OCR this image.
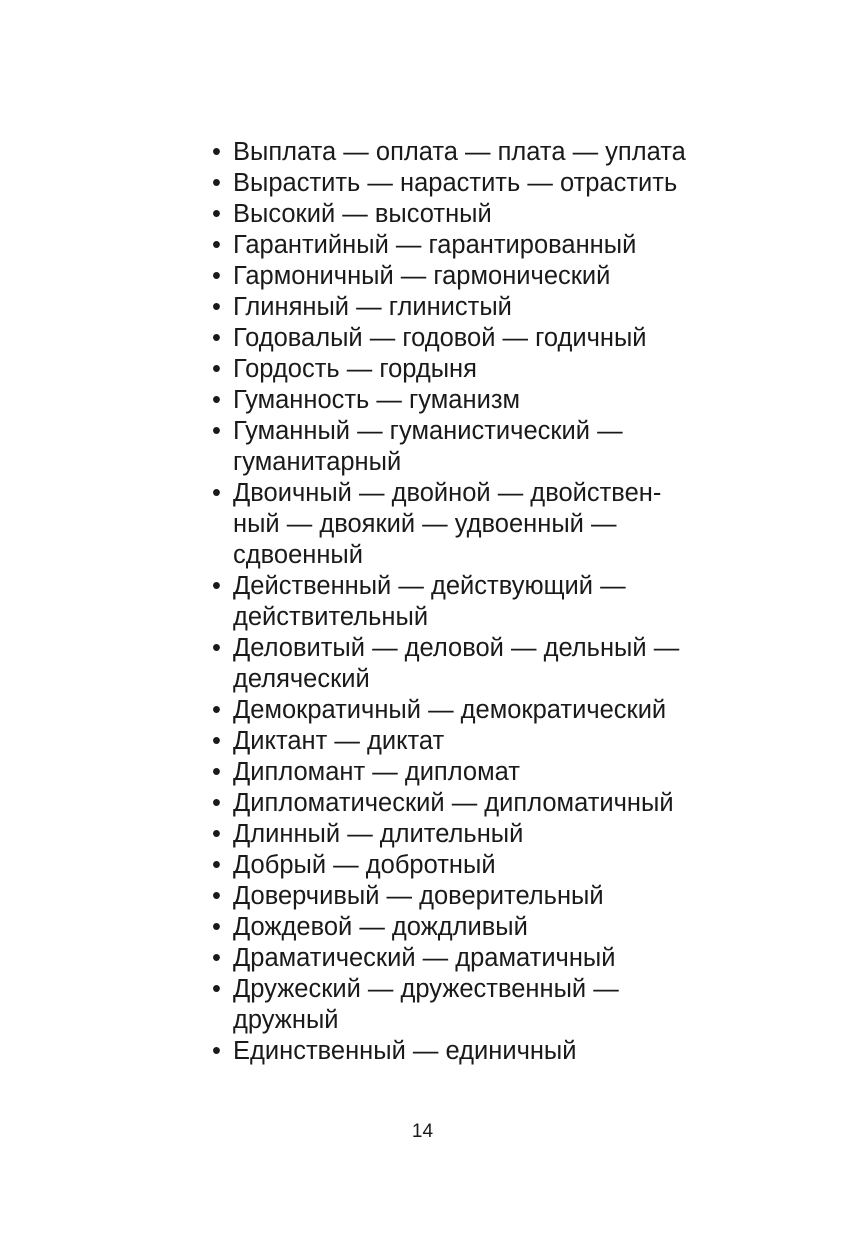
• Выплата — оплата — плата — уплата
• Вырастить — нарастить — отрастить
• Высокий — высотный
• Гарантийный — гарантированный
• Гармоничный — гармонический
• Глиняный — глинистый
• Годовалый — годовой — годичный
• Гордость — гордыня
• Гуманность — гуманизм
• Гуманный — гуманистический —
гуманитарный
• Двоичный — двойной — двойствен-
ный — двоякий — удвоенный —
сдвоенный
• Действенный — действующий —
действительный
• Деловитый — деловой — дельный —
деляческий
• Демократичный — демократический
• Диктант — диктат
• Дипломант — дипломат
• Дипломатический — дипломатичный
• Длинный — длительный
• Добрый — добротный
• Доверчивый — доверительный
• Дождевой — дождливый
• Драматический — драматичный
• Дружеский — дружественный —
дружный
• Единственный — единичный
14
